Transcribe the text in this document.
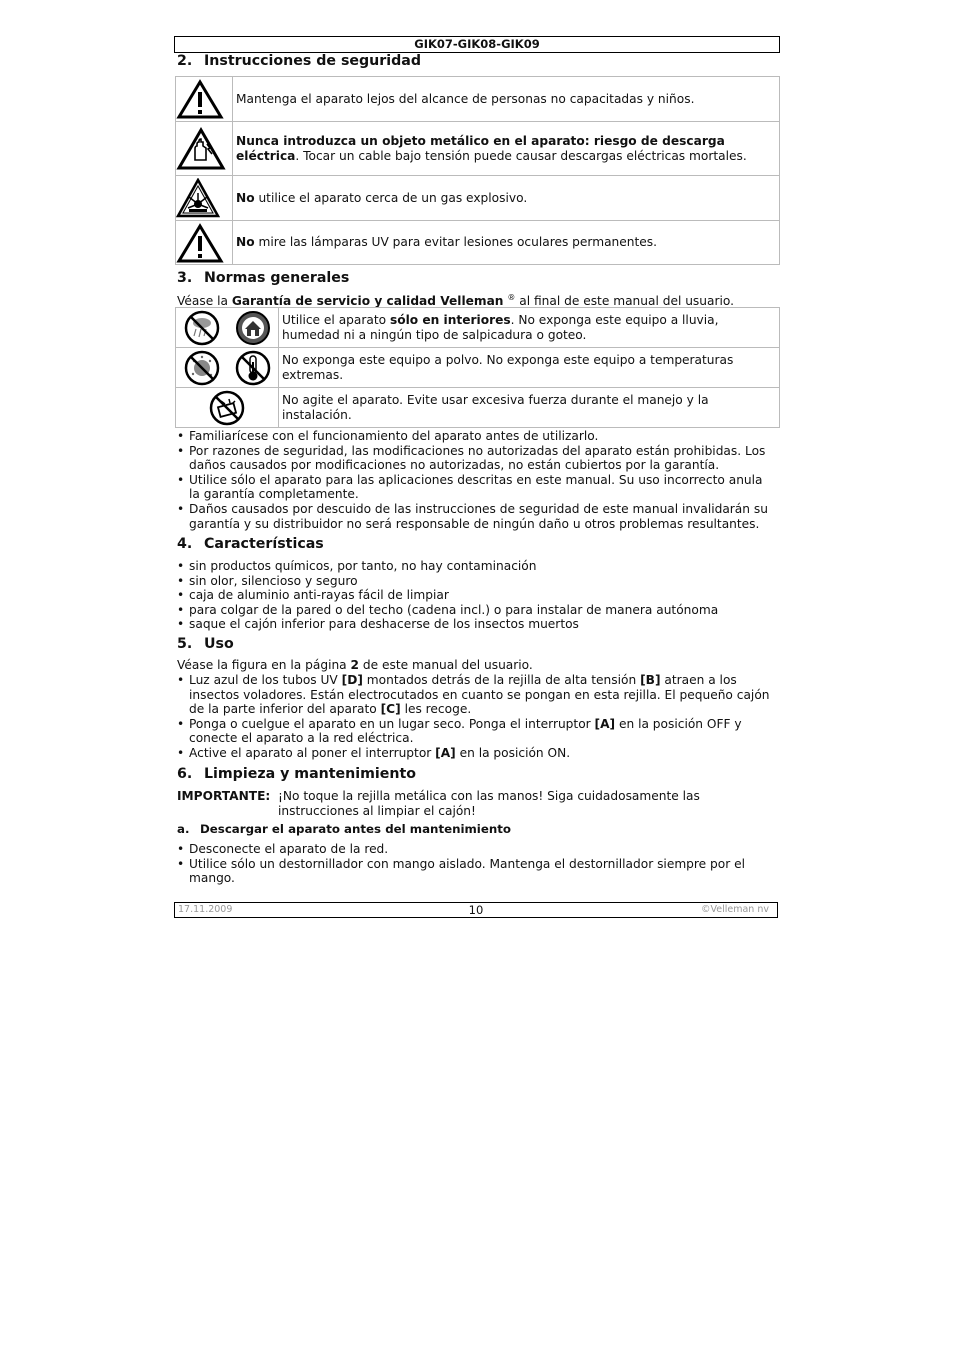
GIK07-GIK08-GIK09
2. Instrucciones de seguridad
	Mantenga el aparato lejos del alcance de personas no capacitadas y niños.

	Nunca introduzca un objeto metálico en el aparato: riesgo de descarga eléctrica. Tocar un cable bajo tensión puede causar descargas eléctricas mortales.

	No utilice el aparato cerca de un gas explosivo.

	No mire las lámparas UV para evitar lesiones oculares permanentes.
3. Normas generales

Véase la Garantía de servicio y calidad Velleman ® al final de este manual del usuario.

	Utilice el aparato sólo en interiores. No exponga este equipo a lluvia, humedad ni a ningún tipo de salpicadura o goteo.

	No exponga este equipo a polvo. No exponga este equipo a temperaturas extremas.

	No agite el aparato. Evite usar excesiva fuerza durante el manejo y la instalación.
• Familiarícese con el funcionamiento del aparato antes de utilizarlo.
• Por razones de seguridad, las modificaciones no autorizadas del aparato están prohibidas. Los daños causados por modificaciones no autorizadas, no están cubiertos por la garantía.
• Utilice sólo el aparato para las aplicaciones descritas en este manual. Su uso incorrecto anula la garantía completamente.
• Daños causados por descuido de las instrucciones de seguridad de este manual invalidarán su garantía y su distribuidor no será responsable de ningún daño u otros problemas resultantes.
4. Características
• sin productos químicos, por tanto, no hay contaminación
• sin olor, silencioso y seguro
• caja de aluminio anti-rayas fácil de limpiar
• para colgar de la pared o del techo (cadena incl.) o para instalar de manera autónoma
• saque el cajón inferior para deshacerse de los insectos muertos
5. Uso

Véase la figura en la página 2 de este manual del usuario.

• Luz azul de los tubos UV [D] montados detrás de la rejilla de alta tensión [B] atraen a los insectos voladores. Están electrocutados en cuanto se pongan en esta rejilla. El pequeño cajón de la parte inferior del aparato [C] les recoge.
• Ponga o cuelgue el aparato en un lugar seco. Ponga el interruptor [A] en la posición OFF y conecte el aparato a la red eléctrica.
• Active el aparato al poner el interruptor [A] en la posición ON.
6. Limpieza y mantenimiento
IMPORTANTE: ¡No toque la rejilla metálica con las manos! Siga cuidadosamente las instrucciones al limpiar el cajón!
a. Descargar el aparato antes del mantenimiento
• Desconecte el aparato de la red.
• Utilice sólo un destornillador con mango aislado. Mantenga el destornillador siempre por el mango.
17.11.2009	10	©Velleman nv
